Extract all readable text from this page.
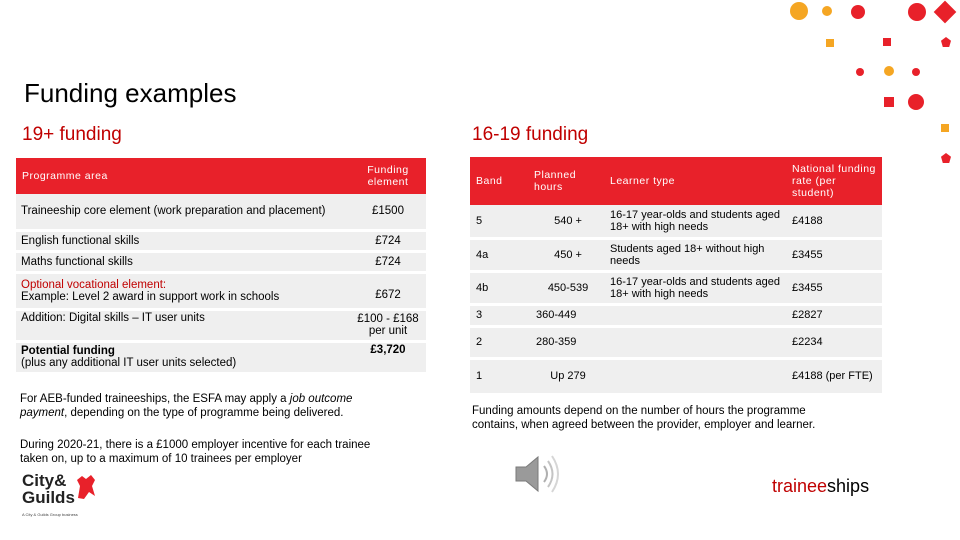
Funding examples
19+ funding	16-19 funding
Programme area	Funding element
Traineeship core element (work preparation and placement)	£1500
English functional skills	£724
Maths functional skills	£724

Optional vocational element:
Example: Level 2 award in support work in schools	£672
Addition: Digital skills – IT user units	£100 - £168 per unit

Potential funding
(plus any additional IT user units selected)	£3,720
Band	Planned hours	Learner type	National funding rate (per student)
5	540 +	16-17 year-olds and students aged 18+ with high needs	£4188
4a	450 +	Students aged 18+ without high needs	£3455
4b	450-539	16-17 year-olds and students aged 18+ with high needs	£3455
3	360-449		£2827
2	280-359		£2234
1	Up 279		£4188 (per FTE)
For AEB-funded traineeships, the ESFA may apply a job outcome payment, depending on the type of programme being delivered.
During 2020-21, there is a £1000 employer incentive for each trainee taken on, up to a maximum of 10 trainees per employer
Funding amounts depend on the number of hours the programme contains, when agreed between the provider, employer and learner.
traineeships
City&
Guilds
A City & Guilds Group business
